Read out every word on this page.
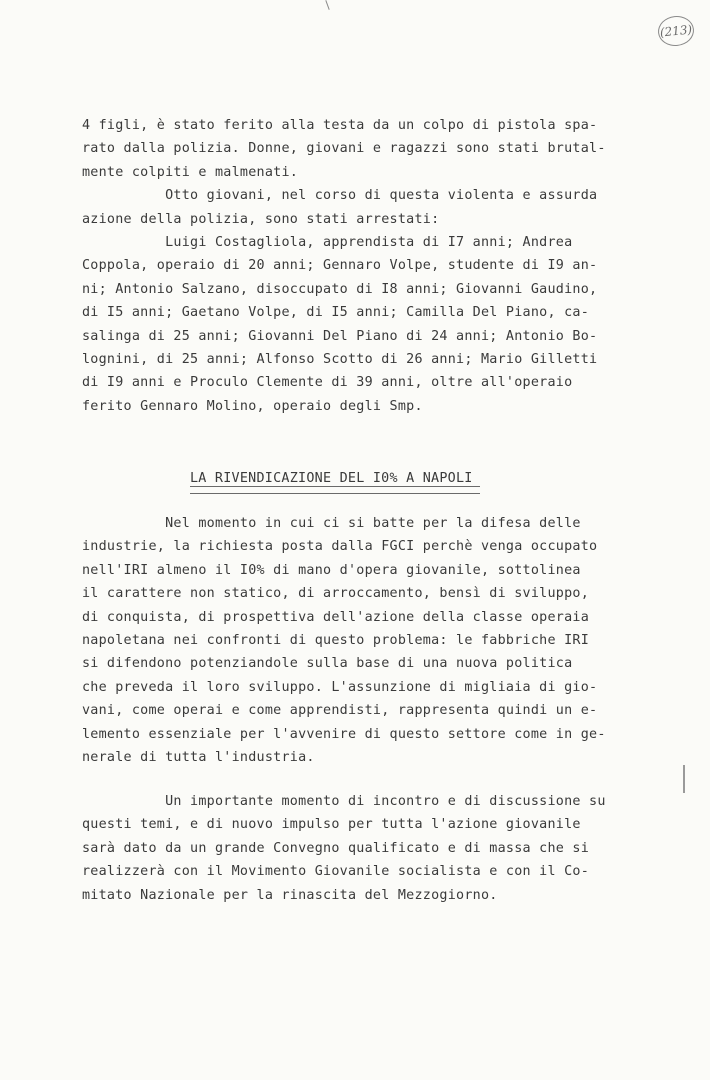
(213)

4 figli, è stato ferito alla testa da un colpo di pistola spa-
rato dalla polizia. Donne, giovani e ragazzi sono stati brutal-
mente colpiti e malmenati.
Otto giovani, nel corso di questa violenta e assurda
azione della polizia, sono stati arrestati:
Luigi Costagliola, apprendista di I7 anni; Andrea
Coppola, operaio di 20 anni; Gennaro Volpe, studente di I9 an-
ni; Antonio Salzano, disoccupato di I8 anni; Giovanni Gaudino,
di I5 anni; Gaetano Volpe, di I5 anni; Camilla Del Piano, ca-
salinga di 25 anni; Giovanni Del Piano di 24 anni; Antonio Bo-
lognini, di 25 anni; Alfonso Scotto di 26 anni; Mario Gilletti
di I9 anni e Proculo Clemente di 39 anni, oltre all'operaio
ferito Gennaro Molino, operaio degli Smp.

LA RIVENDICAZIONE DEL I0% A NAPOLI

Nel momento in cui ci si batte per la difesa delle
industrie, la richiesta posta dalla FGCI perchè venga occupato
nell'IRI almeno il I0% di mano d'opera giovanile, sottolinea
il carattere non statico, di arroccamento, bensì di sviluppo,
di conquista, di prospettiva dell'azione della classe operaia
napoletana nei confronti di questo problema: le fabbriche IRI
si difendono potenziandole sulla base di una nuova politica
che preveda il loro sviluppo. L'assunzione di migliaia di gio-
vani, come operai e come apprendisti, rappresenta quindi un e-
lemento essenziale per l'avvenire di questo settore come in ge-
nerale di tutta l'industria.

Un importante momento di incontro e di discussione su
questi temi, e di nuovo impulso per tutta l'azione giovanile
sarà dato da un grande Convegno qualificato e di massa che si
realizzerà con il Movimento Giovanile socialista e con il Co-
mitato Nazionale per la rinascita del Mezzogiorno.
